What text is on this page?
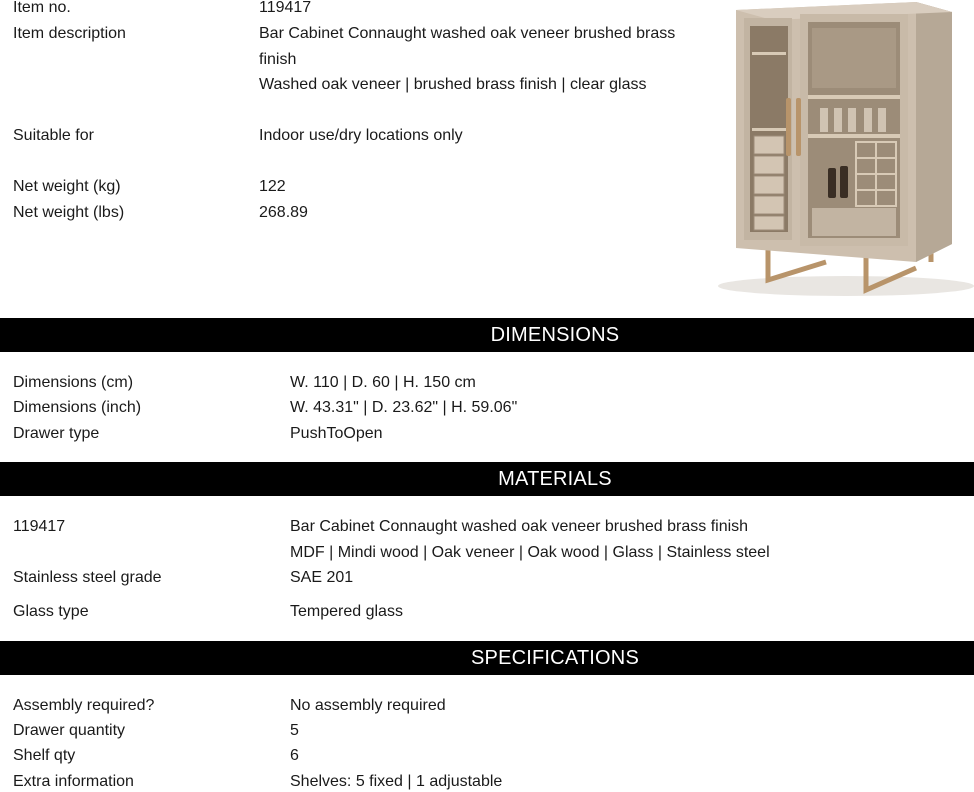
Item no.	119417
Item description	Bar Cabinet Connaught washed oak veneer brushed brass
finish
Washed oak veneer | brushed brass finish | clear glass
Suitable for	Indoor use/dry locations only
Net weight (kg)	122
Net weight (lbs)	268.89
DIMENSIONS
Dimensions (cm)	W. 110 | D. 60 | H. 150 cm
Dimensions (inch)	W. 43.31" | D. 23.62" | H. 59.06"
Drawer type	PushToOpen
MATERIALS
119417	Bar Cabinet Connaught washed oak veneer brushed brass finish
MDF | Mindi wood | Oak veneer | Oak wood | Glass | Stainless steel
Stainless steel grade	SAE 201
Glass type	Tempered glass
SPECIFICATIONS
Assembly required?	No assembly required
Drawer quantity	5
Shelf qty	6
Extra information	Shelves: 5 fixed | 1 adjustable
